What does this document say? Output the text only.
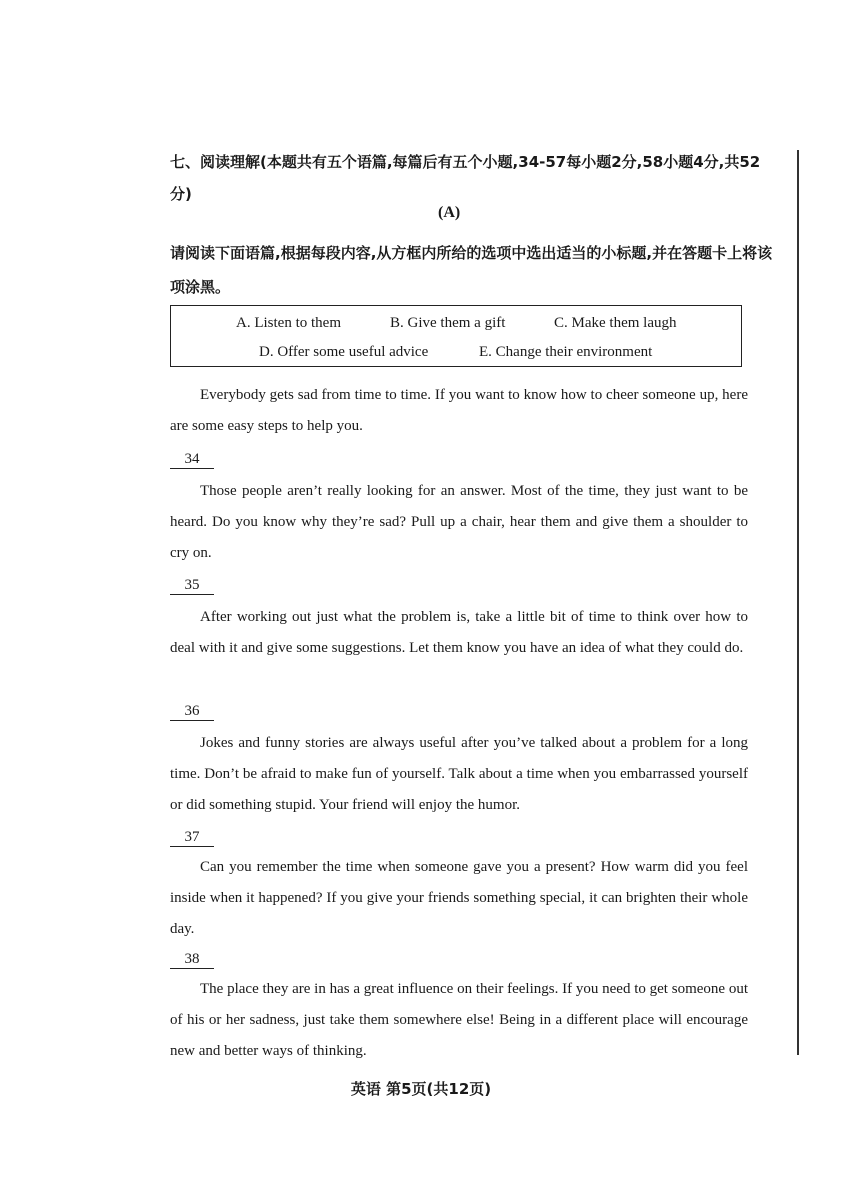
七、阅读理解(本题共有五个语篇,每篇后有五个小题,34-57每小题2分,58小题4分,共52分)
(A)
请阅读下面语篇,根据每段内容,从方框内所给的选项中选出适当的小标题,并在答题卡上将该项涂黑。
A. Listen to them	B. Give them a gift	C. Make them laugh
D. Offer some useful advice	E. Change their environment
Everybody gets sad from time to time. If you want to know how to cheer someone up, here are some easy steps to help you.
34
Those people aren’t really looking for an answer. Most of the time, they just want to be heard. Do you know why they’re sad? Pull up a chair, hear them and give them a shoulder to cry on.
35
After working out just what the problem is, take a little bit of time to think over how to deal with it and give some suggestions. Let them know you have an idea of what they could do.
36
Jokes and funny stories are always useful after you’ve talked about a problem for a long time. Don’t be afraid to make fun of yourself. Talk about a time when you embarrassed yourself or did something stupid. Your friend will enjoy the humor.
37
Can you remember the time when someone gave you a present? How warm did you feel inside when it happened? If you give your friends something special, it can brighten their whole day.
38
The place they are in has a great influence on their feelings. If you need to get someone out of his or her sadness, just take them somewhere else! Being in a different place will encourage new and better ways of thinking.
英语 第5页(共12页)
